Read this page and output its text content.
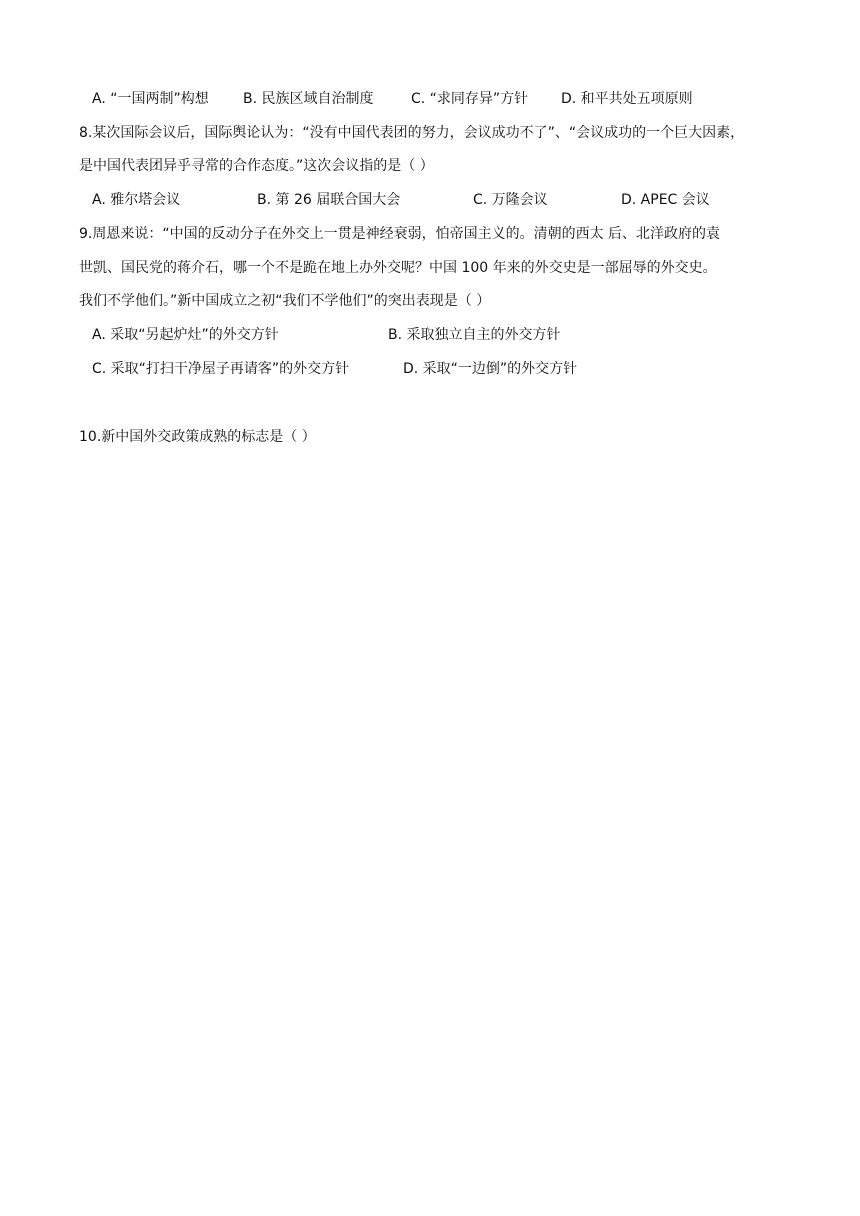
A. “一国两制”构想 B. 民族区域自治制度	C. “求同存异”方针 D. 和平共处五项原则
8.某次国际会议后，国际舆论认为：“没有中国代表团的努力，会议成功不了”、“会议成功的一个巨大因素，
是中国代表团异乎寻常的合作态度。”这次会议指的是（ ）
A. 雅尔塔会议	B. 第 26 届联合国大会	C. 万隆会议	D. APEC 会议
9.周恩来说：“中国的反动分子在外交上一贯是神经衰弱，怕帝国主义的。清朝的西太 后、北洋政府的袁
世凯、国民党的蒋介石，哪一个不是跪在地上办外交呢？中国 100 年来的外交史是一部屈辱的外交史。
我们不学他们。”新中国成立之初“我们不学他们”的突出表现是（ ）
A. 采取“另起炉灶”的外交方针	B. 采取独立自主的外交方针
C. 采取“打扫干净屋子再请客”的外交方针	D. 采取“一边倒”的外交方针
10.新中国外交政策成熟的标志是（ ）
